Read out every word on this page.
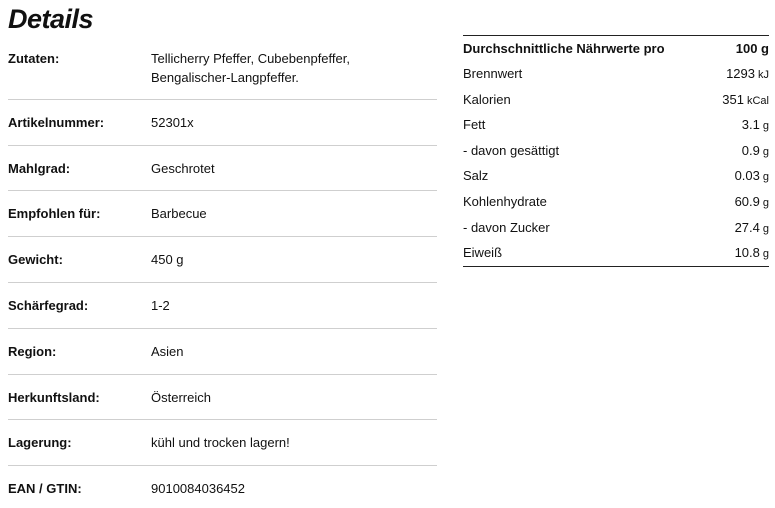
Details
Zutaten:	Tellicherry Pfeffer, Cubebenpfeffer,
Bengalischer-Langpfeffer.
Artikelnummer:	52301x
Mahlgrad:	Geschrotet
Empfohlen für:	Barbecue
Gewicht:	450 g
Schärfegrad:	1-2
Region:	Asien
Herkunftsland:	Österreich
Lagerung:	kühl und trocken lagern!
EAN / GTIN:	9010084036452
Durchschnittliche Nährwerte pro	100 g
Brennwert	1293 kJ
Kalorien	351 kCal
Fett	3.1 g
- davon gesättigt	0.9 g
Salz	0.03 g
Kohlenhydrate	60.9 g
- davon Zucker	27.4 g
Eiweiß	10.8 g
